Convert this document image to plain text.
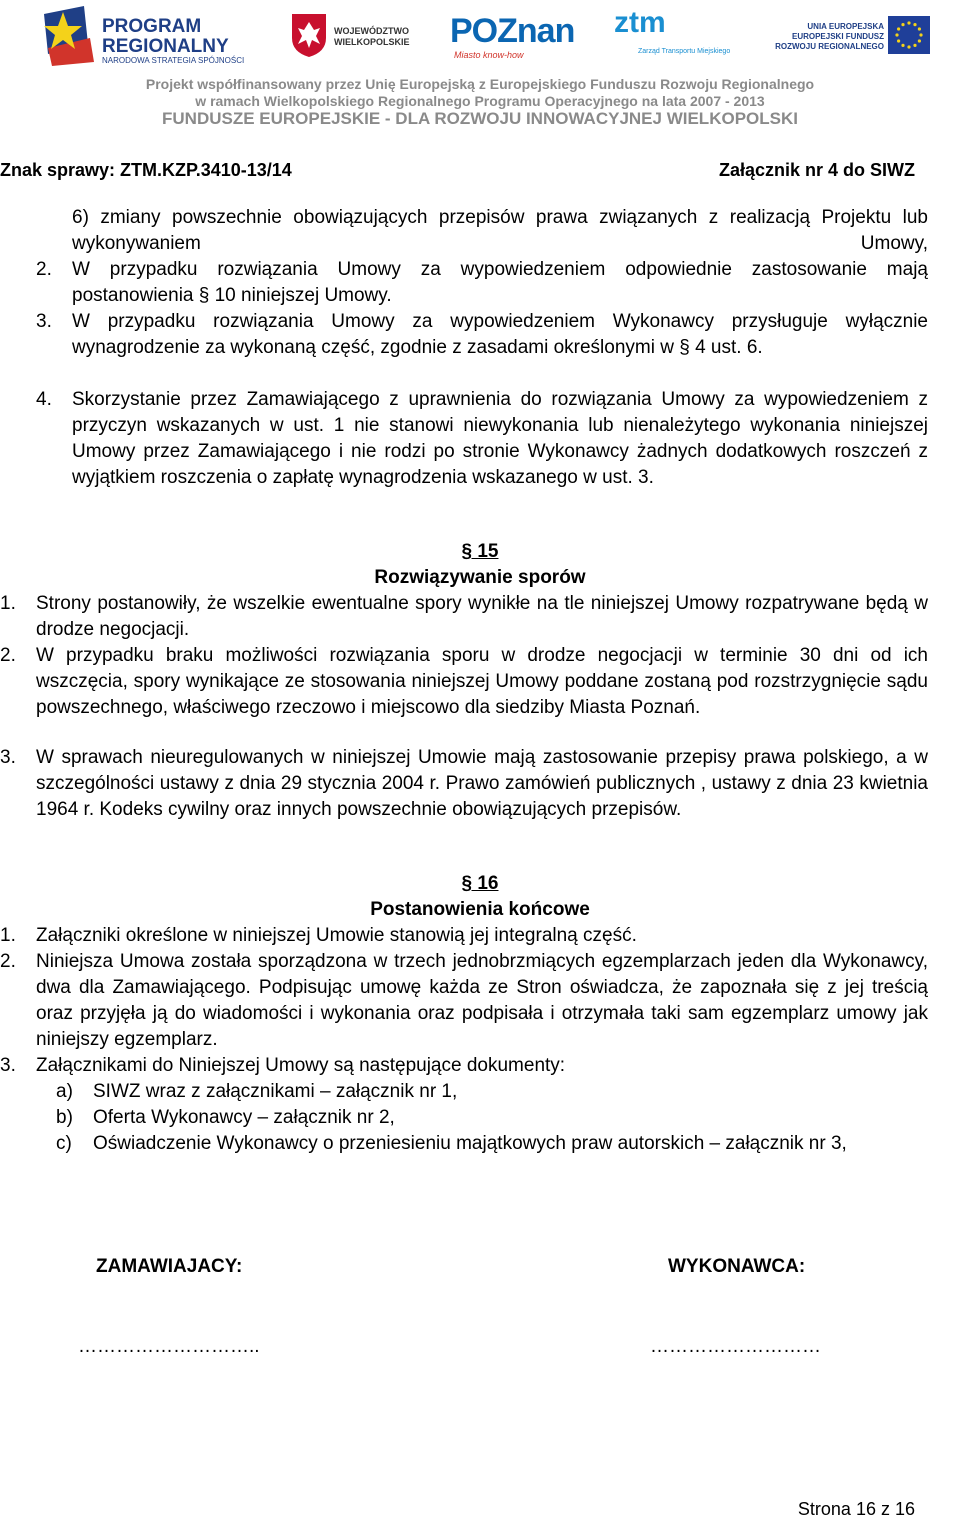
PROGRAM REGIONALNY
NARODOWA STRATEGIA SPÓJNOŚCI
WOJEWÓDZTWO WIELKOPOLSKIE POZnan
Miasto know-how
ztm
Zarząd Transportu Miejskiego
UNIA EUROPEJSKA EUROPEJSKI FUNDUSZ ROZWOJU REGIONALNEGO
Projekt współfinansowany przez Unię Europejską z Europejskiego Funduszu Rozwoju Regionalnego
w ramach Wielkopolskiego Regionalnego Programu Operacyjnego na lata 2007 - 2013
FUNDUSZE EUROPEJSKIE - DLA ROZWOJU INNOWACYJNEJ WIELKOPOLSKI
Znak sprawy: ZTM.KZP.3410-13/14	Załącznik nr 4 do SIWZ
6) zmiany powszechnie obowiązujących przepisów prawa związanych z realizacją Projektu lub wykonywaniem Umowy,
2. W przypadku rozwiązania Umowy za wypowiedzeniem odpowiednie zastosowanie mają postanowienia § 10 niniejszej Umowy.
3. W przypadku rozwiązania Umowy za wypowiedzeniem Wykonawcy przysługuje wyłącznie wynagrodzenie za wykonaną część, zgodnie z zasadami określonymi w § 4 ust. 6.
4. Skorzystanie przez Zamawiającego z uprawnienia do rozwiązania Umowy za wypowiedzeniem z przyczyn wskazanych w ust. 1 nie stanowi niewykonania lub nienależytego wykonania niniejszej Umowy przez Zamawiającego i nie rodzi po stronie Wykonawcy żadnych dodatkowych roszczeń z wyjątkiem roszczenia o zapłatę wynagrodzenia wskazanego w ust. 3.
§ 15
Rozwiązywanie sporów
1. Strony postanowiły, że wszelkie ewentualne spory wynikłe na tle niniejszej Umowy rozpatrywane będą w drodze negocjacji.
2. W przypadku braku możliwości rozwiązania sporu w drodze negocjacji w terminie 30 dni od ich wszczęcia, spory wynikające ze stosowania niniejszej Umowy poddane zostaną pod rozstrzygnięcie sądu powszechnego, właściwego rzeczowo i miejscowo dla siedziby Miasta Poznań.
3. W sprawach nieuregulowanych w niniejszej Umowie mają zastosowanie przepisy prawa polskiego, a w szczególności ustawy z dnia 29 stycznia 2004 r. Prawo zamówień publicznych , ustawy z dnia 23 kwietnia 1964 r. Kodeks cywilny oraz innych powszechnie obowiązujących przepisów.
§ 16
Postanowienia końcowe
1. Załączniki określone w niniejszej Umowie stanowią jej integralną część.
2. Niniejsza Umowa została sporządzona w trzech jednobrzmiących egzemplarzach jeden dla Wykonawcy, dwa dla Zamawiającego. Podpisując umowę każda ze Stron oświadcza, że zapoznała się z jej treścią oraz przyjęła ją do wiadomości i wykonania oraz podpisała i otrzymała taki sam egzemplarz umowy jak niniejszy egzemplarz.
3. Załącznikami do Niniejszej Umowy są następujące dokumenty:
a) SIWZ wraz z załącznikami – załącznik nr 1,
b) Oferta Wykonawcy – załącznik nr 2,
c) Oświadczenie Wykonawcy o przeniesieniu majątkowych praw autorskich – załącznik nr 3,
ZAMAWIAJACY:	WYKONAWCA:
………………………..	………………………
Strona 16 z 16
